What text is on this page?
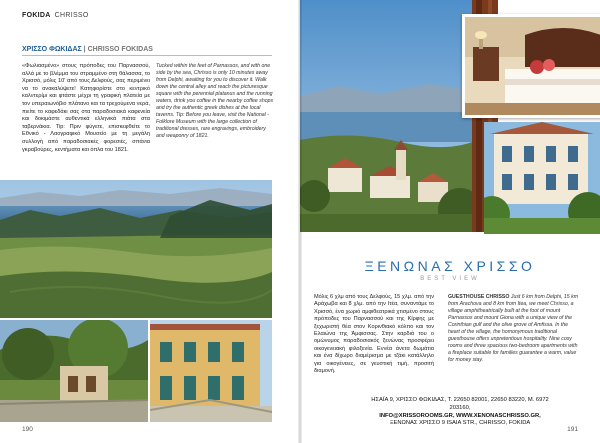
FOKIDA CHRISSO
ΧΡΙΣΣΟ ΦΩΚΙΔΑΣ | CHRISSO FOKIDAS
«Φωλιασμένο» στους πρόποδες του Παρνασσού, αλλά με το βλέμμα του στραμμένο στη θάλασσα, το Χρισσό, μόλις 10' από τους Δελφούς, σας περιμένει να το ανακαλύψετε! Κατηφορίστε στο κεντρικό καλντερίμι και φτάστε μέχρι τη γραφική πλατεία με τον υπεραιωνόβιο πλάτανο και τα τρεχούμενα νερά, πιείτε το καφεδάκι σας στα παραδοσιακά καφενεία και δοκιμάστε αυθεντικά ελληνικά πιάτα στα ταβερνάκια. Tip: Πριν φύγετε, επισκεφθείτε το Εθνικό - Λαογραφικό Μουσείο με τη μεγάλη συλλογή από παραδοσιακές φορεσιές, σπάνια γκραβούρες, κεντήματα και όπλα του 1821.
Tucked within the feet of Parnassos, and with one side by the sea, Chrisso is only 10 minutes away from Delphi, awaiting for you to discover it. Walk down the central alley and reach the picturesque square with the perennial platanus and the running waters, drink you coffee in the nearby coffee shops and try the authentic greek dishes at the local taverns. Tip: Before you leave, visit the National - Folklore Museum with the large collection of traditional dresses, rare engravings, embroidery and weaponry of 1821.
190
ΞΕΝΩΝΑΣ ΧΡΙΣΣΟ
BEST VIEW
Μόλις 6 χλμ από τους Δελφούς, 15 χλμ. από την Αράχωβα και 8 χλμ. από την Ιτέα, συναντάμε το Χρισσό, ένα χωριό αμφιθεατρικά χτισμένο στους πρόποδες του Παρνασσού και της Κίρφης με ξεχωριστή θέα στον Κορινθιακό κόλπο και τον Ελαιώνα της Άμφισσας. Στην καρδιά του ο ομώνυμος παραδοσιακός ξενώνας προσφέρει οικογενειακή φιλοξενία. Εννέα άνετα δωμάτια και ένα δίχωρο διαμέρισμα με τζάκι κατάλληλο για οικογένειες, σε γευστική τιμή, προσιτή διαμονή.
GUESTHOUSE CHRISSO Just 6 km from Delphi, 15 km from Arachova and 8 km from Itea, we meet Chrisso, a village amphitheatrically built at the foot of mount Parnassos and mount Giona with a unique view of the Corinthian gulf and the olive grove of Amfissa. In the heart of the village, the homonymous traditional guesthouse offers unpretentious hospitality. Nine cosy rooms and three spacious two-bedroom apartments with a fireplace suitable for families guarantee a warm, value for money stay.
ΗΣΑΪΑ 9, ΧΡΙΣΣΟ ΦΩΚΙΔΑΣ, Τ. 22650 82001, 22650 83220, Μ. 6972 203160,
INFO@XRISSOROOMS.GR, WWW.XENONASCHRISSO.GR,
ΞΕΝΩΝΑΣ ΧΡΙΣΣΟ 9 ISAIA STR., CHRISSO, FOKIDA
191
